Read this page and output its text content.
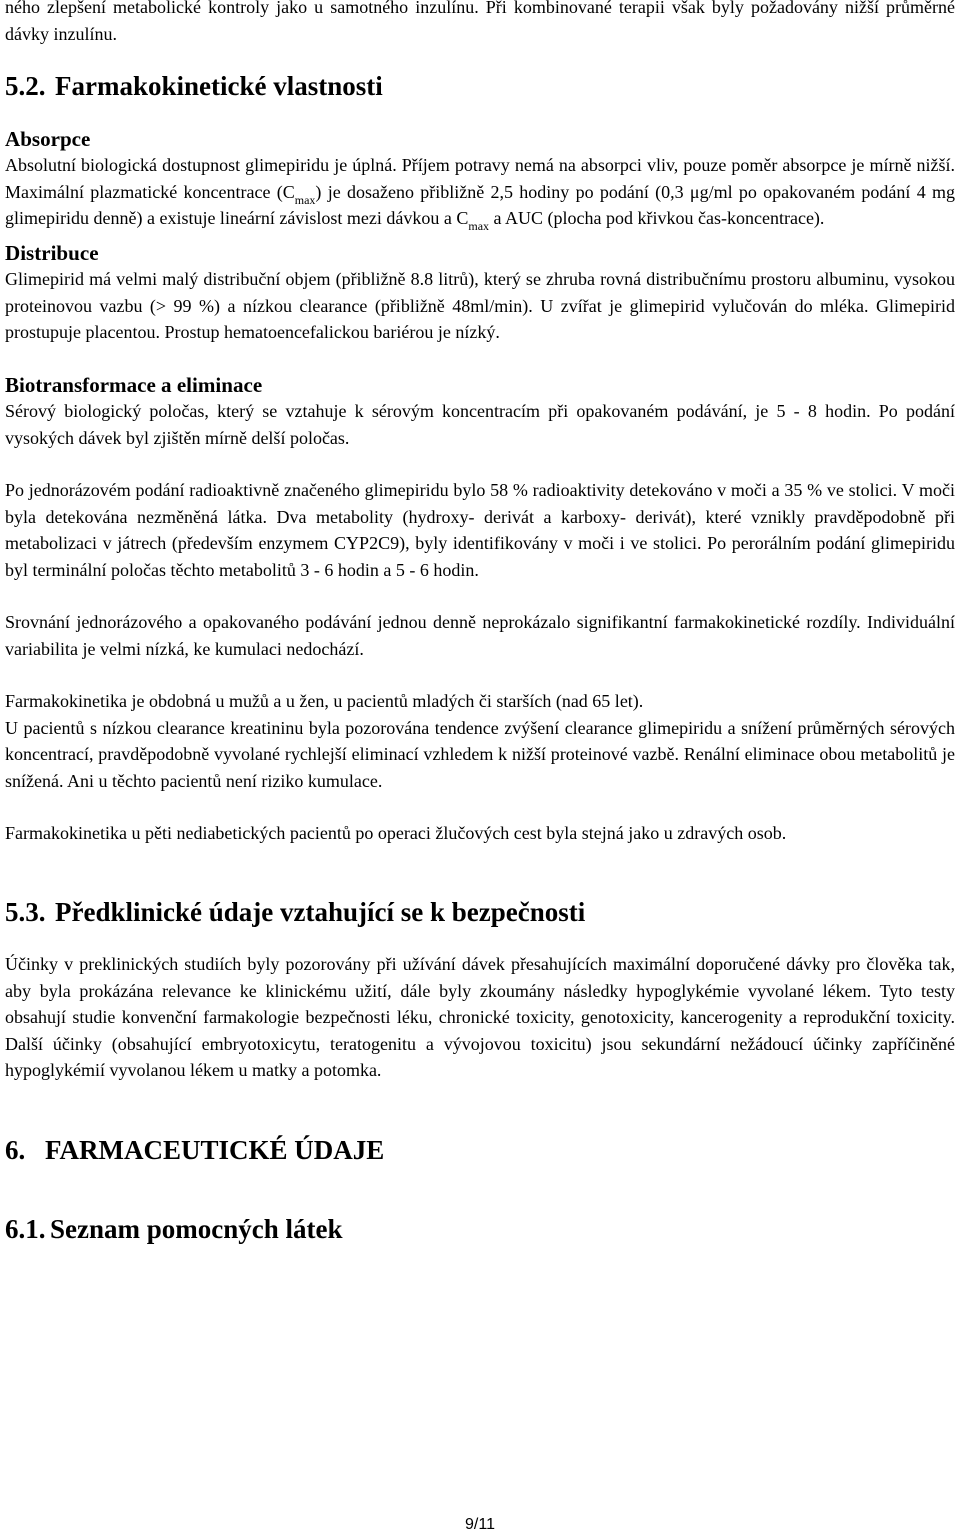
ného zlepšení metabolické kontroly jako u samotného inzulínu. Při kombinované terapii však byly požadovány nižší průměrné dávky inzulínu.

5.2. Farmakokinetické vlastnosti
Absorpce

Absolutní biologická dostupnost glimepiridu je úplná. Příjem potravy nemá na absorpci vliv, pouze poměr absorpce je mírně nižší. Maximální plazmatické koncentrace $(C_{max})$ je dosaženo přibližně 2,5 hodiny po podání (0,3 μg/ml po opakovaném podání 4 mg glimepiridu denně) a existuje lineární závislost mezi dávkou a $C_{max}$ a AUC (plocha pod křivkou čas-koncentrace).

Distribuce

Glimepirid má velmi malý distribuční objem (přibližně 8.8 litrů), který se zhruba rovná distribučnímu prostoru albuminu, vysokou proteinovou vazbu (> 99 %) a nízkou clearance (přibližně 48ml/min). U zvířat je glimepirid vylučován do mléka. Glimepirid prostupuje placentou. Prostup hematoencefalickou bariérou je nízký.

Biotransformace a eliminace

Sérový biologický poločas, který se vztahuje k sérovým koncentracím při opakovaném podávání, je 5 - 8 hodin. Po podání vysokých dávek byl zjištěn mírně delší poločas.

Po jednorázovém podání radioaktivně značeného glimepiridu bylo 58 % radioaktivity detekováno v moči a 35 % ve stolici. V moči byla detekována nezměněná látka. Dva metabolity (hydroxy- derivát a karboxy- derivát), které vznikly pravděpodobně při metabolizaci v játrech (především enzymem CYP2C9), byly identifikovány v moči i ve stolici. Po perorálním podání glimepiridu byl terminální poločas těchto metabolitů 3 - 6 hodin a 5 - 6 hodin.

Srovnání jednorázového a opakovaného podávání jednou denně neprokázalo signifikantní farmakokinetické rozdíly. Individuální variabilita je velmi nízká, ke kumulaci nedochází.

Farmakokinetika je obdobná u mužů a u žen, u pacientů mladých či starších (nad 65 let).

U pacientů s nízkou clearance kreatininu byla pozorována tendence zvýšení clearance glimepiridu a snížení průměrných sérových koncentrací, pravděpodobně vyvolané rychlejší eliminací vzhledem k nižší proteinové vazbě. Renální eliminace obou metabolitů je snížená. Ani u těchto pacientů není riziko kumulace.

Farmakokinetika u pěti nediabetických pacientů po operaci žlučových cest byla stejná jako u zdravých osob.

5.3. Předklinické údaje vztahující se k bezpečnosti

Účinky v preklinických studiích byly pozorovány při užívání dávek přesahujících maximální doporučené dávky pro člověka tak, aby byla prokázána relevance ke klinickému užití, dále byly zkoumány následky hypoglykémie vyvolané lékem. Tyto testy obsahují studie konvenční farmakologie bezpečnosti léku, chronické toxicity, genotoxicity, kancerogenity a reprodukční toxicity. Další účinky (obsahující embryotoxicytu, teratogenitu a vývojovou toxicitu) jsou sekundární nežádoucí účinky zapříčiněné hypoglykémií vyvolanou lékem u matky a potomka.

6. FARMACEUTICKÉ ÚDAJE
6.1. Seznam pomocných látek
9/11
